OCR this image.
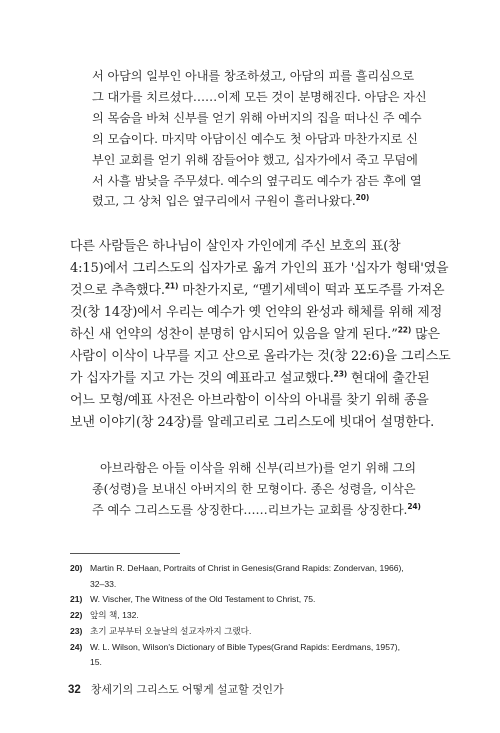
서 아담의 일부인 아내를 창조하셨고, 아담의 피를 흘리심으로
그 대가를 치르셨다……이제 모든 것이 분명해진다. 아담은 자신
의 목숨을 바쳐 신부를 얻기 위해 아버지의 집을 떠나신 주 예수
의 모습이다. 마지막 아담이신 예수도 첫 아담과 마찬가지로 신
부인 교회를 얻기 위해 잠들어야 했고, 십자가에서 죽고 무덤에
서 사흘 밤낮을 주무셨다. 예수의 옆구리도 예수가 잠든 후에 열
렸고, 그 상처 입은 옆구리에서 구원이 흘러나왔다.$^{20)}$
다른 사람들은 하나님이 살인자 가인에게 주신 보호의 표(창
4:15)에서 그리스도의 십자가로 옮겨 가인의 표가 '십자가 형태'였을
것으로 추측했다.$^{21)}$ 마찬가지로, “멜기세덱이 떡과 포도주를 가져온
것(창 14장)에서 우리는 예수가 옛 언약의 완성과 해체를 위해 제정
하신 새 언약의 성찬이 분명히 암시되어 있음을 알게 된다.”$^{22)}$ 많은
사람이 이삭이 나무를 지고 산으로 올라가는 것(창 22:6)을 그리스도
가 십자가를 지고 가는 것의 예표라고 설교했다.$^{23)}$ 현대에 출간된
어느 모형/예표 사전은 아브라함이 이삭의 아내를 찾기 위해 종을
보낸 이야기(창 24장)를 알레고리로 그리스도에 빗대어 설명한다.
아브라함은 아들 이삭을 위해 신부(리브가)를 얻기 위해 그의
종(성령)을 보내신 아버지의 한 모형이다. 종은 성령을, 이삭은
주 예수 그리스도를 상징한다……리브가는 교회를 상징한다.$^{24)}$
20) Martin R. DeHaan, Portraits of Christ in Genesis(Grand Rapids: Zondervan, 1966),
32–33.
21) W. Vischer, The Witness of the Old Testament to Christ, 75.
22) 앞의 책, 132.
23) 초기 교부부터 오늘날의 설교자까지 그랬다.
24) W. L. Wilson, Wilson's Dictionary of Bible Types(Grand Rapids: Eerdmans, 1957),
15.
32 창세기의 그리스도 어떻게 설교할 것인가
